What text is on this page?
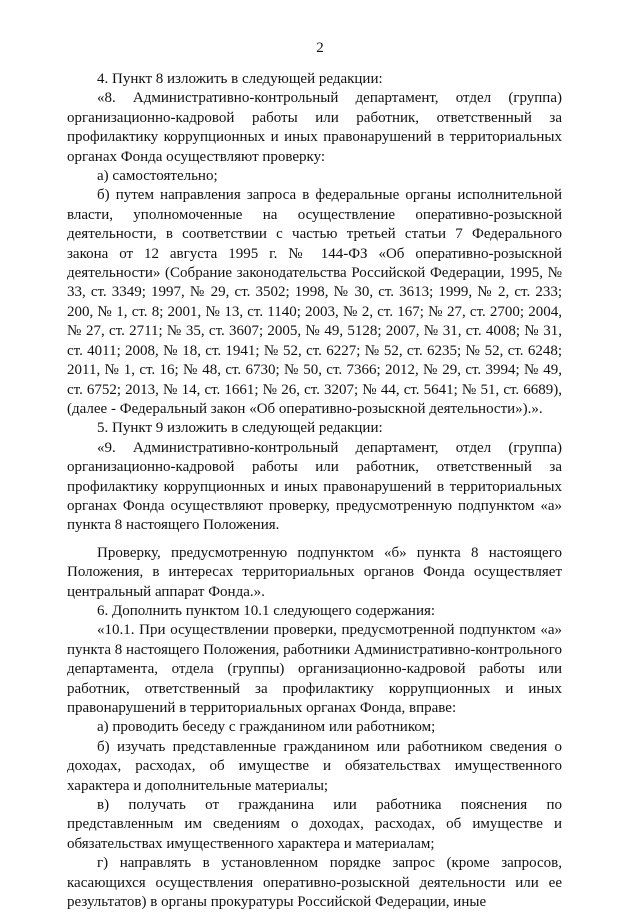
2

4. Пункт 8 изложить в следующей редакции:

«8. Административно-контрольный департамент, отдел (группа) организационно-кадровой работы или работник, ответственный за профилактику коррупционных и иных правонарушений в территориальных органах Фонда осуществляют проверку:

а) самостоятельно;

б) путем направления запроса в федеральные органы исполнительной власти, уполномоченные на осуществление оперативно-розыскной деятельности, в соответствии с частью третьей статьи 7 Федерального закона от 12 августа 1995 г. № 144-ФЗ «Об оперативно-розыскной деятельности» (Собрание законодательства Российской Федерации, 1995, № 33, ст. 3349; 1997, № 29, ст. 3502; 1998, № 30, ст. 3613; 1999, № 2, ст. 233; 200, № 1, ст. 8; 2001, № 13, ст. 1140; 2003, № 2, ст. 167; № 27, ст. 2700; 2004, № 27, ст. 2711; № 35, ст. 3607; 2005, № 49, 5128; 2007, № 31, ст. 4008; № 31, ст. 4011; 2008, № 18, ст. 1941; № 52, ст. 6227; № 52, ст. 6235; № 52, ст. 6248; 2011, № 1, ст. 16; № 48, ст. 6730; № 50, ст. 7366; 2012, № 29, ст. 3994; № 49, ст. 6752; 2013, № 14, ст. 1661; № 26, ст. 3207; № 44, ст. 5641; № 51, ст. 6689), (далее - Федеральный закон «Об оперативно-розыскной деятельности»).».

5. Пункт 9 изложить в следующей редакции:

«9. Административно-контрольный департамент, отдел (группа) организационно-кадровой работы или работник, ответственный за профилактику коррупционных и иных правонарушений в территориальных органах Фонда осуществляют проверку, предусмотренную подпунктом «а» пункта 8 настоящего Положения.

Проверку, предусмотренную подпунктом «б» пункта 8 настоящего Положения, в интересах территориальных органов Фонда осуществляет центральный аппарат Фонда.».

6. Дополнить пунктом 10.1 следующего содержания:

«10.1. При осуществлении проверки, предусмотренной подпунктом «а» пункта 8 настоящего Положения, работники Административно-контрольного департамента, отдела (группы) организационно-кадровой работы или работник, ответственный за профилактику коррупционных и иных правонарушений в территориальных органах Фонда, вправе:

а) проводить беседу с гражданином или работником;

б) изучать представленные гражданином или работником сведения о доходах, расходах, об имуществе и обязательствах имущественного характера и дополнительные материалы;

в) получать от гражданина или работника пояснения по представленным им сведениям о доходах, расходах, об имуществе и обязательствах имущественного характера и материалам;

г) направлять в установленном порядке запрос (кроме запросов, касающихся осуществления оперативно-розыскной деятельности или ее результатов) в органы прокуратуры Российской Федерации, иные
